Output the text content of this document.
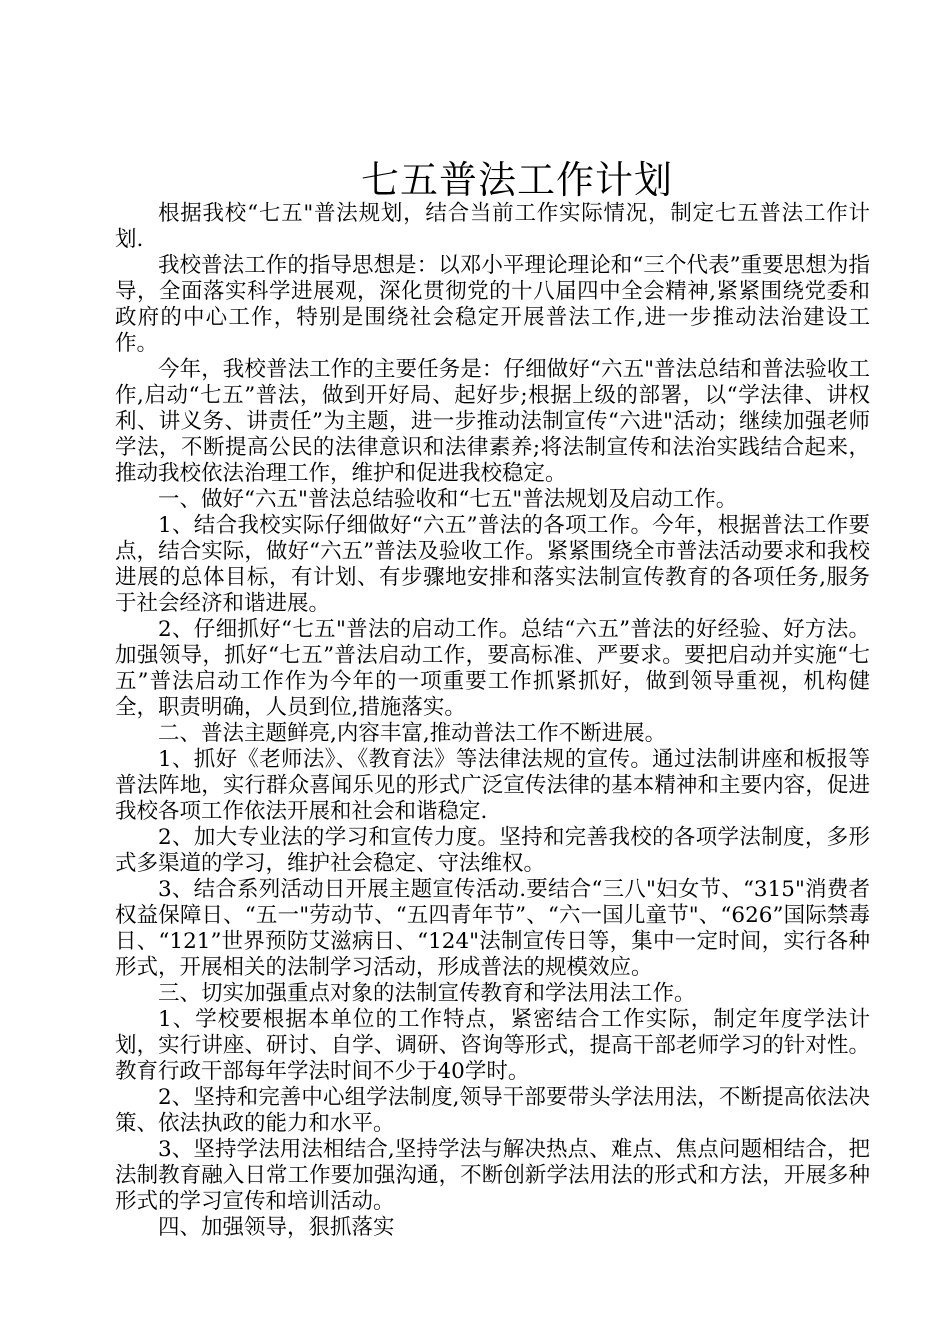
七五普法工作计划

根据我校“七五"普法规划，结合当前工作实际情况，制定七五普法工作计划.

我校普法工作的指导思想是：以邓小平理论理论和“三个代表”重要思想为指导，全面落实科学进展观，深化贯彻党的十八届四中全会精神,紧紧围绕党委和政府的中心工作，特别是围绕社会稳定开展普法工作,进一步推动法治建设工作。

今年，我校普法工作的主要任务是：仔细做好“六五"普法总结和普法验收工作,启动“七五”普法，做到开好局、起好步;根据上级的部署，以“学法律、讲权利、讲义务、讲责任”为主题，进一步推动法制宣传“六进"活动；继续加强老师学法，不断提高公民的法律意识和法律素养;将法制宣传和法治实践结合起来，推动我校依法治理工作，维护和促进我校稳定。

一、做好“六五"普法总结验收和“七五"普法规划及启动工作。

1、结合我校实际仔细做好“六五”普法的各项工作。今年，根据普法工作要点，结合实际，做好“六五”普法及验收工作。紧紧围绕全市普法活动要求和我校进展的总体目标，有计划、有步骤地安排和落实法制宣传教育的各项任务,服务于社会经济和谐进展。

2、仔细抓好“七五"普法的启动工作。总结“六五”普法的好经验、好方法。加强领导，抓好“七五”普法启动工作，要高标准、严要求。要把启动并实施“七五”普法启动工作作为今年的一项重要工作抓紧抓好，做到领导重视，机构健全，职责明确，人员到位,措施落实。

二、普法主题鲜亮,内容丰富,推动普法工作不断进展。

1、抓好《老师法》、《教育法》等法律法规的宣传。通过法制讲座和板报等普法阵地，实行群众喜闻乐见的形式广泛宣传法律的基本精神和主要内容，促进我校各项工作依法开展和社会和谐稳定.

2、加大专业法的学习和宣传力度。坚持和完善我校的各项学法制度，多形式多渠道的学习，维护社会稳定、守法维权。

3、结合系列活动日开展主题宣传活动.要结合“三八"妇女节、“315"消费者权益保障日、“五一"劳动节、“五四青年节”、“六一国儿童节"、“626”国际禁毒日、“121”世界预防艾滋病日、“124"法制宣传日等，集中一定时间，实行各种形式，开展相关的法制学习活动，形成普法的规模效应。

三、切实加强重点对象的法制宣传教育和学法用法工作。

1、学校要根据本单位的工作特点，紧密结合工作实际，制定年度学法计划，实行讲座、研讨、自学、调研、咨询等形式，提高干部老师学习的针对性。教育行政干部每年学法时间不少于40学时。

2、坚持和完善中心组学法制度,领导干部要带头学法用法，不断提高依法决策、依法执政的能力和水平。

3、坚持学法用法相结合,坚持学法与解决热点、难点、焦点问题相结合，把法制教育融入日常工作要加强沟通，不断创新学法用法的形式和方法，开展多种形式的学习宣传和培训活动。

四、加强领导，狠抓落实
